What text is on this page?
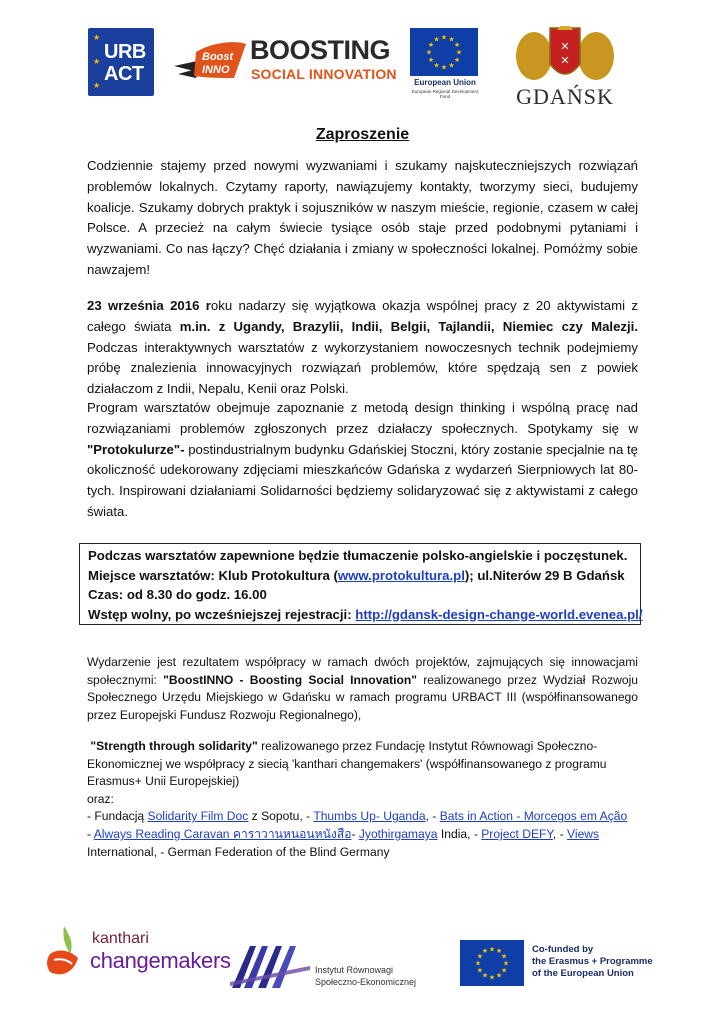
★
★
★
URB
ACT
Boost
INNO
BOOSTING
SOCIAL INNOVATION
★
★
★
★
★
★
★
★
★ ★ ★
★
European Union
European Regional Development Fund
✕
✕
GDAŃSK
Zaproszenie
Codziennie stajemy przed nowymi wyzwaniami i szukamy najskuteczniejszych rozwiązań problemów lokalnych. Czytamy raporty, nawiązujemy kontakty, tworzymy sieci, budujemy koalicje. Szukamy dobrych praktyk i sojuszników w naszym mieście, regionie, czasem w całej Polsce. A przecież na całym świecie tysiące osób staje przed podobnymi pytaniami i wyzwaniami. Co nas łączy? Chęć działania i zmiany w społeczności lokalnej. Pomóżmy sobie nawzajem!
23 września 2016 roku nadarzy się wyjątkowa okazja wspólnej pracy z 20 aktywistami z całego świata m.in. z Ugandy, Brazylii, Indii, Belgii, Tajlandii, Niemiec czy Malezji. Podczas interaktywnych warsztatów z wykorzystaniem nowoczesnych technik podejmiemy próbę znalezienia innowacyjnych rozwiązań problemów, które spędzają sen z powiek działaczom z Indii, Nepalu, Kenii oraz Polski.
Program warsztatów obejmuje zapoznanie z metodą design thinking i wspólną pracę nad rozwiązaniami problemów zgłoszonych przez działaczy społecznych. Spotykamy się w "Protokulurze"- postindustrialnym budynku Gdańskiej Stoczni, który zostanie specjalnie na tę okoliczność udekorowany zdjęciami mieszkańców Gdańska z wydarzeń Sierpniowych lat 80-tych. Inspirowani działaniami Solidarności będziemy solidaryzować się z aktywistami z całego świata.
Podczas warsztatów zapewnione będzie tłumaczenie polsko-angielskie i poczęstunek.
Miejsce warsztatów: Klub Protokultura (www.protokultura.pl); ul.Niterów 29 B Gdańsk
Czas: od 8.30 do godz. 16.00
Wstęp wolny, po wcześniejszej rejestracji: http://gdansk-design-change-world.evenea.pl/
Wydarzenie jest rezultatem współpracy w ramach dwóch projektów, zajmujących się innowacjami społecznymi: "BoostINNO - Boosting Social Innovation" realizowanego przez Wydział Rozwoju Społecznego Urzędu Miejskiego w Gdańsku w ramach programu URBACT III (współfinansowanego przez Europejski Fundusz Rozwoju Regionalnego),
"Strength through solidarity" realizowanego przez Fundację Instytut Równowagi Społeczno-Ekonomicznej we współpracy z siecią 'kanthari changemakers' (współfinansowanego z programu Erasmus+ Unii Europejskiej)
oraz:
- Fundacją Solidarity Film Doc z Sopotu, - Thumbs Up- Uganda, - Bats in Action - Morcegos em Ação
- Always Reading Caravan คาราวานหนอนหนังสือ- Jyothirgamaya India, - Project DEFY, - Views
International, - German Federation of the Blind Germany
kanthari
changemakers	Instytut Równowagi
Społeczno-Ekonomicznej
★
★
★
★
★
★
★
★
★ ★ ★
★
Co-funded by
the Erasmus + Programme
of the European Union
